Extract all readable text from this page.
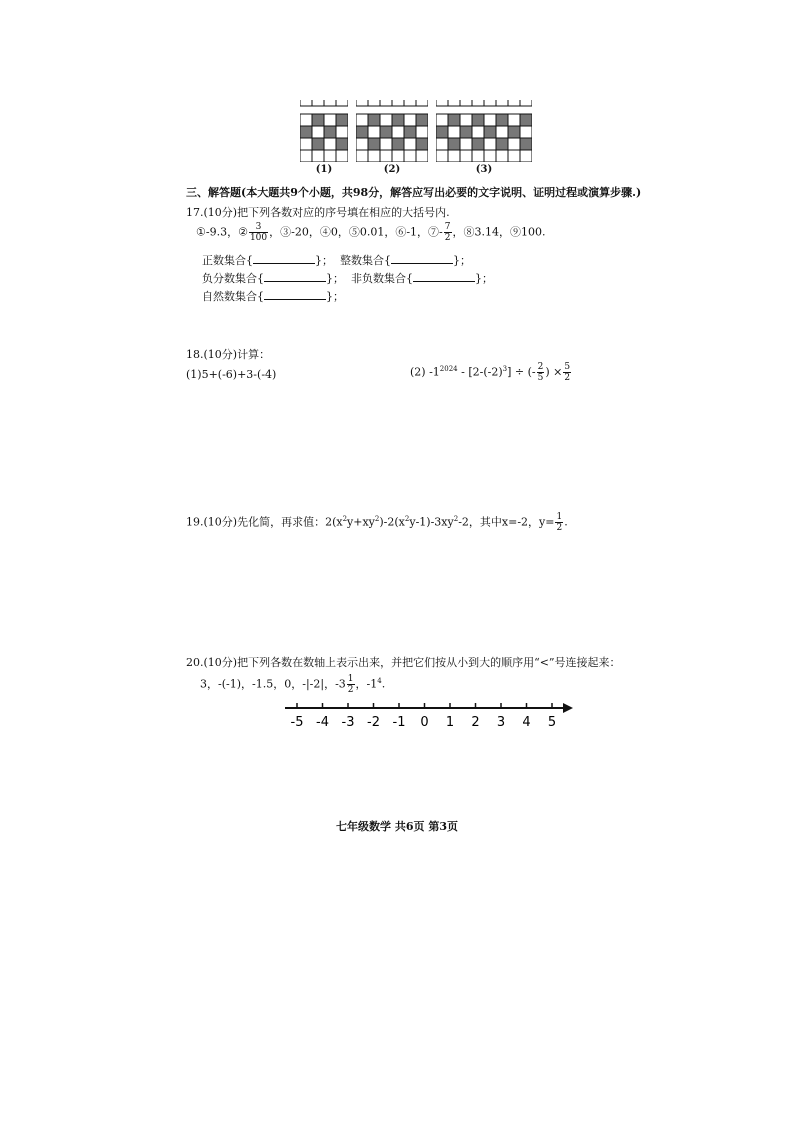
(1)	(2)	(3)
三、解答题(本大题共9个小题，共98分，解答应写出必要的文字说明、证明过程或演算步骤.)
17.(10分)把下列各数对应的序号填在相应的大括号内.
①-9.3，② $\frac{3}{100}$ ，③-20，④0，⑤0.01，⑥-1，⑦- $\frac{7}{2}$ ，⑧3.14，⑨100.
正数集合{	}； 整数集合{	}；
负分数集合{	}； 非负数集合{	}；
自然数集合{	}；
18.(10分)计算：
(1)5+(-6)+3-(-4)	(2) $-1^{2024} - [2-(-2)^3]$ ÷ (- $\frac{2}{5}$ ) × $\frac{5}{2}$
19.(10分)先化简，再求值：$2(x^2y+xy^2)-2(x^2y-1)-3xy^2-2$，其中x=-2，$y= \frac{1}{2}$ .
20.(10分)把下列各数在数轴上表示出来，并把它们按从小到大的顺序用“<”号连接起来：
3，-(-1)，-1.5，0，-|-2|，$-3 \frac{1}{2}$ ，$-1^4$.
-5 -4 -3 -2 -1 0 1 2 3 4 5
七年级数学 共6页 第3页
